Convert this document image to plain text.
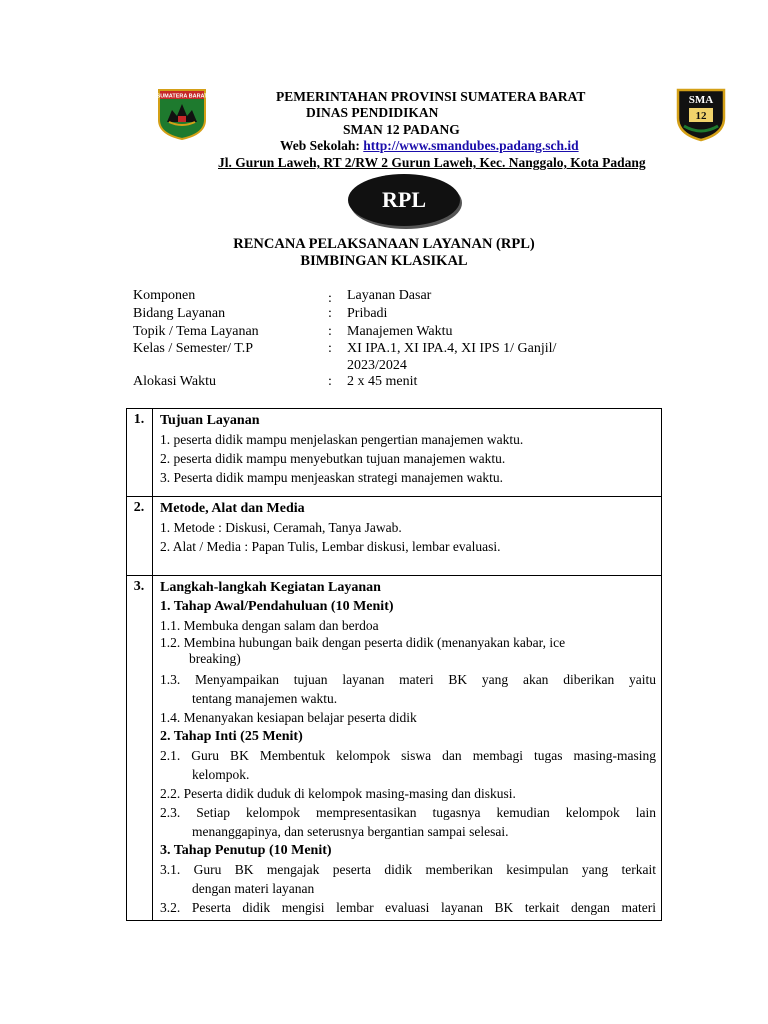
SUMATERA BARAT	SMA
12
PEMERINTAHAN PROVINSI SUMATERA BARAT
DINAS PENDIDIKAN
SMAN 12 PADANG
Web Sekolah: http://www.smandubes.padang.sch.id
Jl. Gurun Laweh, RT 2/RW 2 Gurun Laweh, Kec. Nanggalo, Kota Padang
RPL
RENCANA PELAKSANAAN LAYANAN (RPL)
BIMBINGAN KLASIKAL
Komponen	: Layanan Dasar
Bidang Layanan	: Pribadi
Topik / Tema Layanan	: Manajemen Waktu
Kelas / Semester/ T.P	: XI IPA.1, XI IPA.4, XI IPS 1/ Ganjil/
2023/2024
Alokasi Waktu	: 2 x 45 menit
1.	Tujuan Layanan

1. peserta didik mampu menjelaskan pengertian manajemen waktu.

2. peserta didik mampu menyebutkan tujuan manajemen waktu.

3. Peserta didik mampu menjeaskan strategi manajemen waktu.

2.	Metode, Alat dan Media

1. Metode : Diskusi, Ceramah, Tanya Jawab.

2. Alat / Media : Papan Tulis, Lembar diskusi, lembar evaluasi.

3.	Langkah-langkah Kegiatan Layanan

1. Tahap Awal/Pendahuluan (10 Menit)

1.1. Membuka dengan salam dan berdoa

1.2. Membina hubungan baik dengan peserta didik (menanyakan kabar, ice

breaking)

1.3. Menyampaikan tujuan layanan materi BK yang akan diberikan yaitu

tentang manajemen waktu.

1.4. Menanyakan kesiapan belajar peserta didik

2. Tahap Inti (25 Menit)

2.1. Guru BK Membentuk kelompok siswa dan membagi tugas masing-masing

kelompok.

2.2. Peserta didik duduk di kelompok masing-masing dan diskusi.

2.3. Setiap kelompok mempresentasikan tugasnya kemudian kelompok lain

menanggapinya, dan seterusnya bergantian sampai selesai.

3. Tahap Penutup (10 Menit)

3.1. Guru BK mengajak peserta didik memberikan kesimpulan yang terkait

dengan materi layanan

3.2. Peserta didik mengisi lembar evaluasi layanan BK terkait dengan materi
